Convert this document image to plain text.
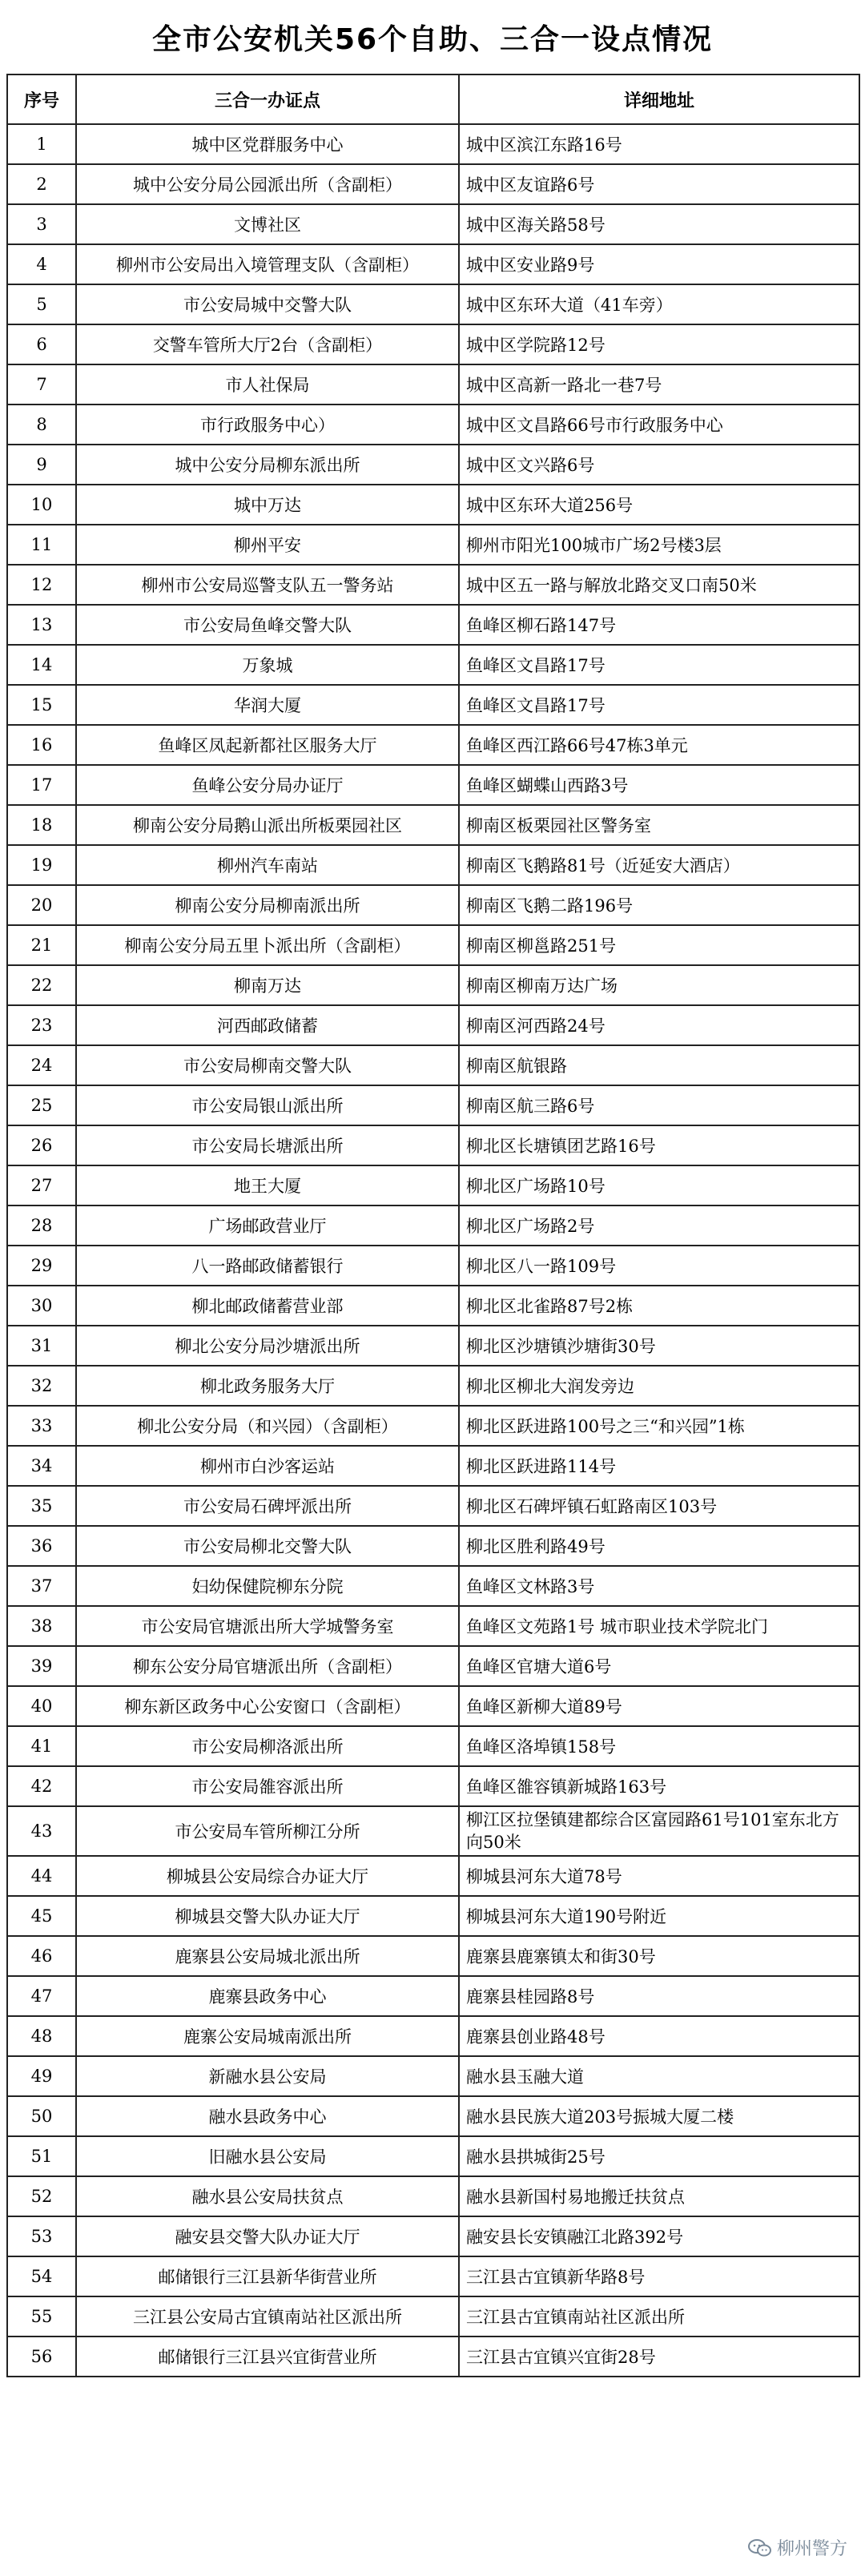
全市公安机关56个自助、三合一设点情况
序号	三合一办证点	详细地址
1	城中区党群服务中心	城中区滨江东路16号
2	城中公安分局公园派出所（含副柜）	城中区友谊路6号
3	文博社区	城中区海关路58号
4	柳州市公安局出入境管理支队（含副柜）	城中区安业路9号
5	市公安局城中交警大队	城中区东环大道（41车旁）
6	交警车管所大厅2台（含副柜）	城中区学院路12号
7	市人社保局	城中区高新一路北一巷7号
8	市行政服务中心）	城中区文昌路66号市行政服务中心
9	城中公安分局柳东派出所	城中区文兴路6号
10	城中万达	城中区东环大道256号
11	柳州平安	柳州市阳光100城市广场2号楼3层
12	柳州市公安局巡警支队五一警务站	城中区五一路与解放北路交叉口南50米
13	市公安局鱼峰交警大队	鱼峰区柳石路147号
14	万象城	鱼峰区文昌路17号
15	华润大厦	鱼峰区文昌路17号
16	鱼峰区凤起新都社区服务大厅	鱼峰区西江路66号47栋3单元
17	鱼峰公安分局办证厅	鱼峰区蝴蝶山西路3号
18	柳南公安分局鹅山派出所板栗园社区	柳南区板栗园社区警务室
19	柳州汽车南站	柳南区飞鹅路81号（近延安大酒店）
20	柳南公安分局柳南派出所	柳南区飞鹅二路196号
21	柳南公安分局五里卜派出所（含副柜）	柳南区柳邕路251号
22	柳南万达	柳南区柳南万达广场
23	河西邮政储蓄	柳南区河西路24号
24	市公安局柳南交警大队	柳南区航银路
25	市公安局银山派出所	柳南区航三路6号
26	市公安局长塘派出所	柳北区长塘镇团艺路16号
27	地王大厦	柳北区广场路10号
28	广场邮政营业厅	柳北区广场路2号
29	八一路邮政储蓄银行	柳北区八一路109号
30	柳北邮政储蓄营业部	柳北区北雀路87号2栋
31	柳北公安分局沙塘派出所	柳北区沙塘镇沙塘街30号
32	柳北政务服务大厅	柳北区柳北大润发旁边
33	柳北公安分局（和兴园）（含副柜）	柳北区跃进路100号之三“和兴园”1栋
34	柳州市白沙客运站	柳北区跃进路114号
35	市公安局石碑坪派出所	柳北区石碑坪镇石虹路南区103号
36	市公安局柳北交警大队	柳北区胜利路49号
37	妇幼保健院柳东分院	鱼峰区文林路3号
38	市公安局官塘派出所大学城警务室	鱼峰区文苑路1号 城市职业技术学院北门
39	柳东公安分局官塘派出所（含副柜）	鱼峰区官塘大道6号
40	柳东新区政务中心公安窗口（含副柜）	鱼峰区新柳大道89号
41	市公安局柳洛派出所	鱼峰区洛埠镇158号
42	市公安局雒容派出所	鱼峰区雒容镇新城路163号
43	市公安局车管所柳江分所	柳江区拉堡镇建都综合区富园路61号101室东北方向50米
44	柳城县公安局综合办证大厅	柳城县河东大道78号
45	柳城县交警大队办证大厅	柳城县河东大道190号附近
46	鹿寨县公安局城北派出所	鹿寨县鹿寨镇太和街30号
47	鹿寨县政务中心	鹿寨县桂园路8号
48	鹿寨公安局城南派出所	鹿寨县创业路48号
49	新融水县公安局	融水县玉融大道
50	融水县政务中心	融水县民族大道203号振城大厦二楼
51	旧融水县公安局	融水县拱城街25号
52	融水县公安局扶贫点	融水县新国村易地搬迁扶贫点
53	融安县交警大队办证大厅	融安县长安镇融江北路392号
54	邮储银行三江县新华街营业所	三江县古宜镇新华路8号
55	三江县公安局古宜镇南站社区派出所	三江县古宜镇南站社区派出所
56	邮储银行三江县兴宜街营业所	三江县古宜镇兴宜街28号
柳州警方
